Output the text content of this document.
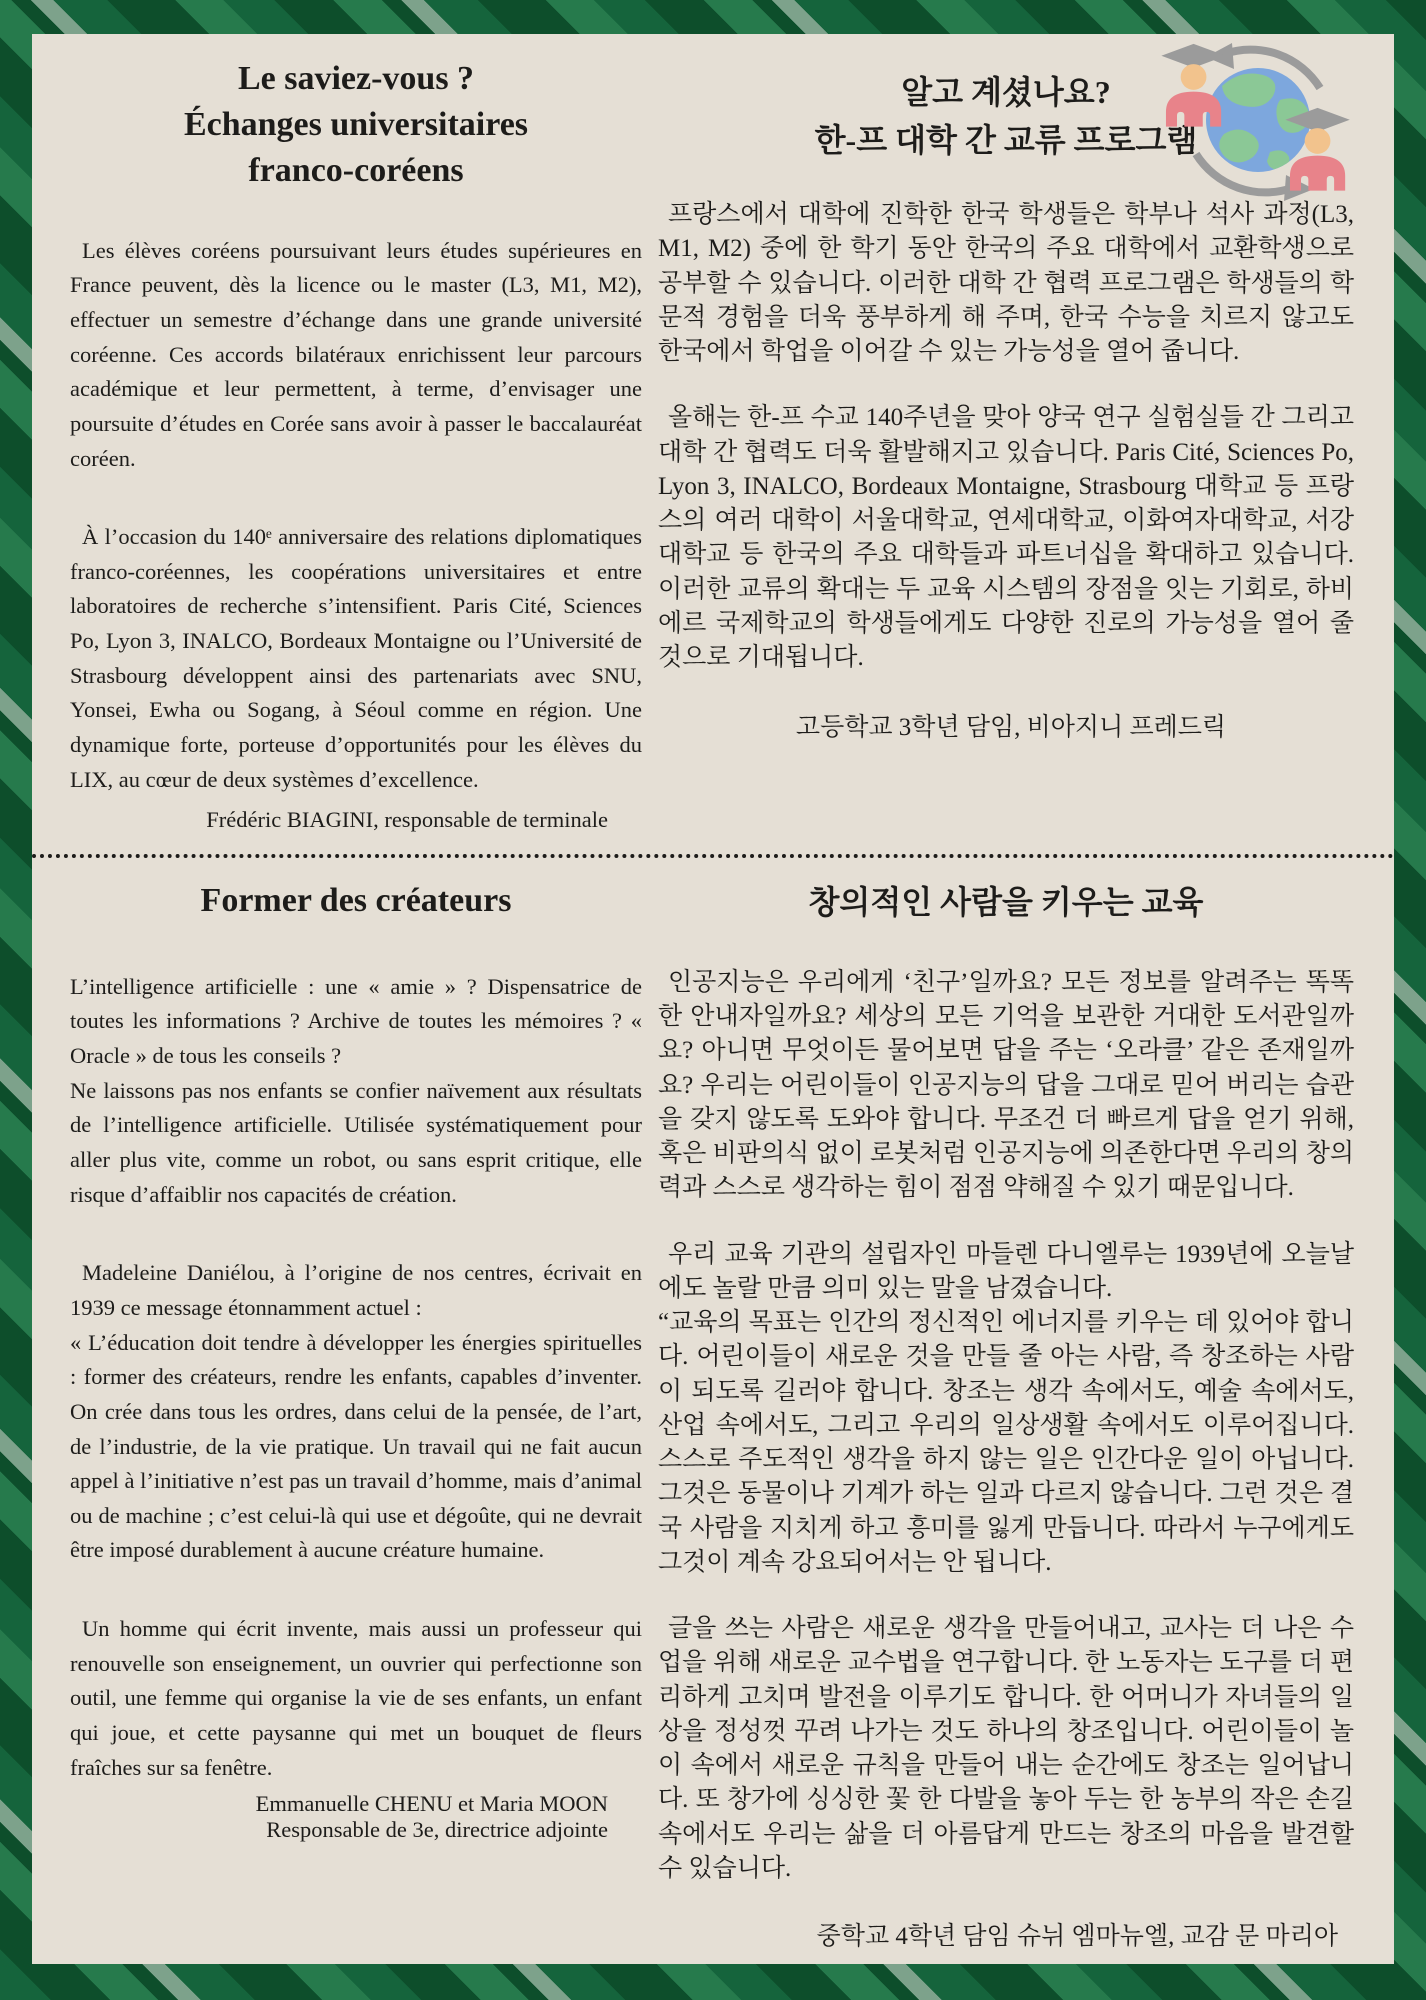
Le saviez-vous ?
Échanges universitaires
franco-coréens

Les élèves coréens poursuivant leurs études supérieures en France peuvent, dès la licence ou le master (L3, M1, M2), effectuer un semestre d’échange dans une grande université coréenne. Ces accords bilatéraux enrichissent leur parcours académique et leur permettent, à terme, d’envisager une poursuite d’études en Corée sans avoir à passer le baccalauréat coréen.

À l’occasion du 140ᵉ anniversaire des relations diplomatiques franco-coréennes, les coopérations universitaires et entre laboratoires de recherche s’intensifient. Paris Cité, Sciences Po, Lyon 3, INALCO, Bordeaux Montaigne ou l’Université de Strasbourg développent ainsi des partenariats avec SNU, Yonsei, Ewha ou Sogang, à Séoul comme en région. Une dynamique forte, porteuse d’opportunités pour les élèves du LIX, au cœur de deux systèmes d’excellence.

Frédéric BIAGINI, responsable de terminale

알고 계셨나요?
한-프 대학 간 교류 프로그램

프랑스에서 대학에 진학한 한국 학생들은 학부나 석사 과정(L3, M1, M2) 중에 한 학기 동안 한국의 주요 대학에서 교환학생으로 공부할 수 있습니다. 이러한 대학 간 협력 프로그램은 학생들의 학문적 경험을 더욱 풍부하게 해 주며, 한국 수능을 치르지 않고도 한국에서 학업을 이어갈 수 있는 가능성을 열어 줍니다.

올해는 한-프 수교 140주년을 맞아 양국 연구 실험실들 간 그리고 대학 간 협력도 더욱 활발해지고 있습니다. Paris Cité, Sciences Po, Lyon 3, INALCO, Bordeaux Montaigne, Strasbourg 대학교 등 프랑스의 여러 대학이 서울대학교, 연세대학교, 이화여자대학교, 서강대학교 등 한국의 주요 대학들과 파트너십을 확대하고 있습니다. 이러한 교류의 확대는 두 교육 시스템의 장점을 잇는 기회로, 하비에르 국제학교의 학생들에게도 다양한 진로의 가능성을 열어 줄 것으로 기대됩니다.

고등학교 3학년 담임, 비아지니 프레드릭

Former des créateurs

L’intelligence artificielle : une « amie » ? Dispensatrice de toutes les informations ? Archive de toutes les mémoires ? « Oracle » de tous les conseils ?

Ne laissons pas nos enfants se confier naïvement aux résultats de l’intelligence artificielle. Utilisée systématiquement pour aller plus vite, comme un robot, ou sans esprit critique, elle risque d’affaiblir nos capacités de création.

Madeleine Daniélou, à l’origine de nos centres, écrivait en 1939 ce message étonnamment actuel :

« L’éducation doit tendre à développer les énergies spirituelles : former des créateurs, rendre les enfants, capables d’inventer. On crée dans tous les ordres, dans celui de la pensée, de l’art, de l’industrie, de la vie pratique. Un travail qui ne fait aucun appel à l’initiative n’est pas un travail d’homme, mais d’animal ou de machine ; c’est celui-là qui use et dégoûte, qui ne devrait être imposé durablement à aucune créature humaine.

Un homme qui écrit invente, mais aussi un professeur qui renouvelle son enseignement, un ouvrier qui perfectionne son outil, une femme qui organise la vie de ses enfants, un enfant qui joue, et cette paysanne qui met un bouquet de fleurs fraîches sur sa fenêtre.

Emmanuelle CHENU et Maria MOON
Responsable de 3e, directrice adjointe
창의적인 사람을 키우는 교육

인공지능은 우리에게 ‘친구’일까요? 모든 정보를 알려주는 똑똑한 안내자일까요? 세상의 모든 기억을 보관한 거대한 도서관일까요? 아니면 무엇이든 물어보면 답을 주는 ‘오라클’ 같은 존재일까요? 우리는 어린이들이 인공지능의 답을 그대로 믿어 버리는 습관을 갖지 않도록 도와야 합니다. 무조건 더 빠르게 답을 얻기 위해, 혹은 비판의식 없이 로봇처럼 인공지능에 의존한다면 우리의 창의력과 스스로 생각하는 힘이 점점 약해질 수 있기 때문입니다.

우리 교육 기관의 설립자인 마들렌 다니엘루는 1939년에 오늘날에도 놀랄 만큼 의미 있는 말을 남겼습니다.

“교육의 목표는 인간의 정신적인 에너지를 키우는 데 있어야 합니다. 어린이들이 새로운 것을 만들 줄 아는 사람, 즉 창조하는 사람이 되도록 길러야 합니다. 창조는 생각 속에서도, 예술 속에서도, 산업 속에서도, 그리고 우리의 일상생활 속에서도 이루어집니다. 스스로 주도적인 생각을 하지 않는 일은 인간다운 일이 아닙니다. 그것은 동물이나 기계가 하는 일과 다르지 않습니다. 그런 것은 결국 사람을 지치게 하고 흥미를 잃게 만듭니다. 따라서 누구에게도 그것이 계속 강요되어서는 안 됩니다.

글을 쓰는 사람은 새로운 생각을 만들어내고, 교사는 더 나은 수업을 위해 새로운 교수법을 연구합니다. 한 노동자는 도구를 더 편리하게 고치며 발전을 이루기도 합니다. 한 어머니가 자녀들의 일상을 정성껏 꾸려 나가는 것도 하나의 창조입니다. 어린이들이 놀이 속에서 새로운 규칙을 만들어 내는 순간에도 창조는 일어납니다. 또 창가에 싱싱한 꽃 한 다발을 놓아 두는 한 농부의 작은 손길 속에서도 우리는 삶을 더 아름답게 만드는 창조의 마음을 발견할 수 있습니다.

중학교 4학년 담임 슈뉘 엠마뉴엘, 교감 문 마리아
